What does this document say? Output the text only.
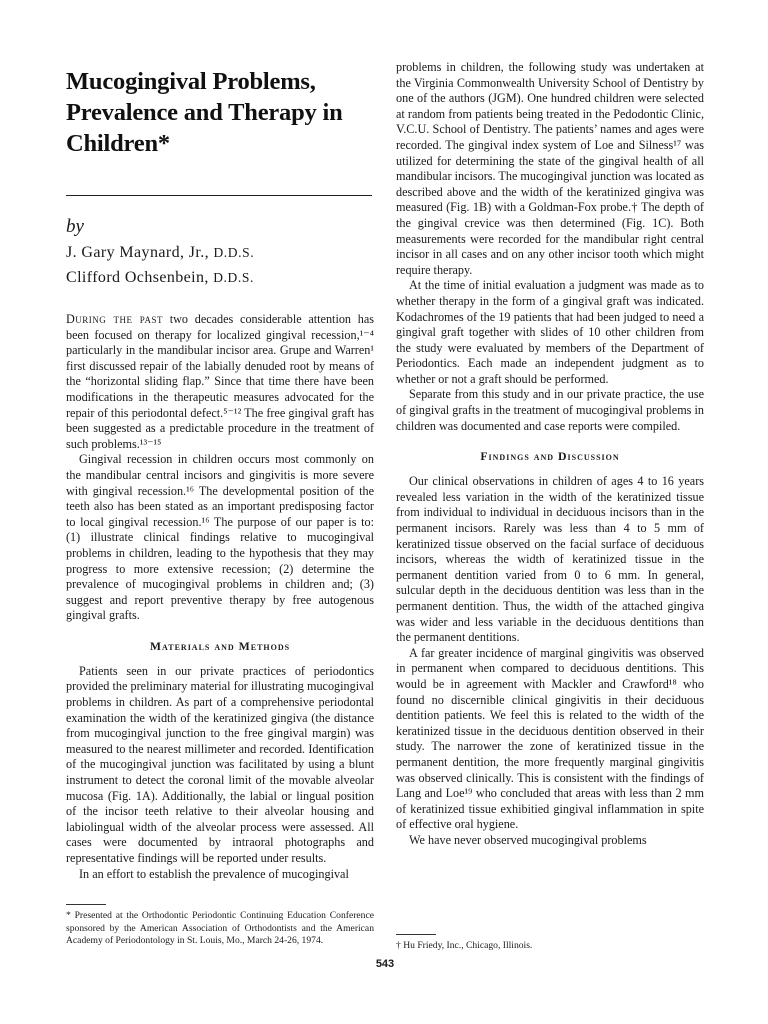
Mucogingival Problems, Prevalence and Therapy in Children*

by

J. Gary Maynard, Jr., D.D.S.

Clifford Ochsenbein, D.D.S.

During the past two decades considerable attention has been focused on therapy for localized gingival recession,¹⁻⁴ particularly in the mandibular incisor area. Grupe and Warren¹ first discussed repair of the labially denuded root by means of the “horizontal sliding flap.” Since that time there have been modifications in the therapeutic measures advocated for the repair of this periodontal defect.⁵⁻¹² The free gingival graft has been suggested as a predictable procedure in the treatment of such problems.¹³⁻¹⁵

Gingival recession in children occurs most commonly on the mandibular central incisors and gingivitis is more severe with gingival recession.¹⁶ The developmental position of the teeth also has been stated as an important predisposing factor to local gingival recession.¹⁶ The purpose of our paper is to: (1) illustrate clinical findings relative to mucogingival problems in children, leading to the hypothesis that they may progress to more extensive recession; (2) determine the prevalence of mucogingival problems in children and; (3) suggest and report preventive therapy by free autogenous gingival grafts.

Materials and Methods

Patients seen in our private practices of periodontics provided the preliminary material for illustrating mucogingival problems in children. As part of a comprehensive periodontal examination the width of the keratinized gingiva (the distance from mucogingival junction to the free gingival margin) was measured to the nearest millimeter and recorded. Identification of the mucogingival junction was facilitated by using a blunt instrument to detect the coronal limit of the movable alveolar mucosa (Fig. 1A). Additionally, the labial or lingual position of the incisor teeth relative to their alveolar housing and labiolingual width of the alveolar process were assessed. All cases were documented by intraoral photographs and representative findings will be reported under results.

In an effort to establish the prevalence of mucogingival

* Presented at the Orthodontic Periodontic Continuing Education Conference sponsored by the American Association of Orthodontists and the American Academy of Periodontology in St. Louis, Mo., March 24-26, 1974.

problems in children, the following study was undertaken at the Virginia Commonwealth University School of Dentistry by one of the authors (JGM). One hundred children were selected at random from patients being treated in the Pedodontic Clinic, V.C.U. School of Dentistry. The patients’ names and ages were recorded. The gingival index system of Loe and Silness¹⁷ was utilized for determining the state of the gingival health of all mandibular incisors. The mucogingival junction was located as described above and the width of the keratinized gingiva was measured (Fig. 1B) with a Goldman-Fox probe.† The depth of the gingival crevice was then determined (Fig. 1C). Both measurements were recorded for the mandibular right central incisor in all cases and on any other incisor tooth which might require therapy.

At the time of initial evaluation a judgment was made as to whether therapy in the form of a gingival graft was indicated. Kodachromes of the 19 patients that had been judged to need a gingival graft together with slides of 10 other children from the study were evaluated by members of the Department of Periodontics. Each made an independent judgment as to whether or not a graft should be performed.

Separate from this study and in our private practice, the use of gingival grafts in the treatment of mucogingival problems in children was documented and case reports were compiled.

Findings and Discussion

Our clinical observations in children of ages 4 to 16 years revealed less variation in the width of the keratinized tissue from individual to individual in deciduous incisors than in the permanent incisors. Rarely was less than 4 to 5 mm of keratinized tissue observed on the facial surface of deciduous incisors, whereas the width of keratinized tissue in the permanent dentition varied from 0 to 6 mm. In general, sulcular depth in the deciduous dentition was less than in the permanent dentition. Thus, the width of the attached gingiva was wider and less variable in the deciduous dentitions than the permanent dentitions.

A far greater incidence of marginal gingivitis was observed in permanent when compared to deciduous dentitions. This would be in agreement with Mackler and Crawford¹⁸ who found no discernible clinical gingivitis in their deciduous dentition patients. We feel this is related to the width of the keratinized tissue in the deciduous dentition observed in their study. The narrower the zone of keratinized tissue in the permanent dentition, the more frequently marginal gingivitis was observed clinically. This is consistent with the findings of Lang and Loe¹⁹ who concluded that areas with less than 2 mm of keratinized tissue exhibitied gingival inflammation in spite of effective oral hygiene.

We have never observed mucogingival problems

† Hu Friedy, Inc., Chicago, Illinois.

543
